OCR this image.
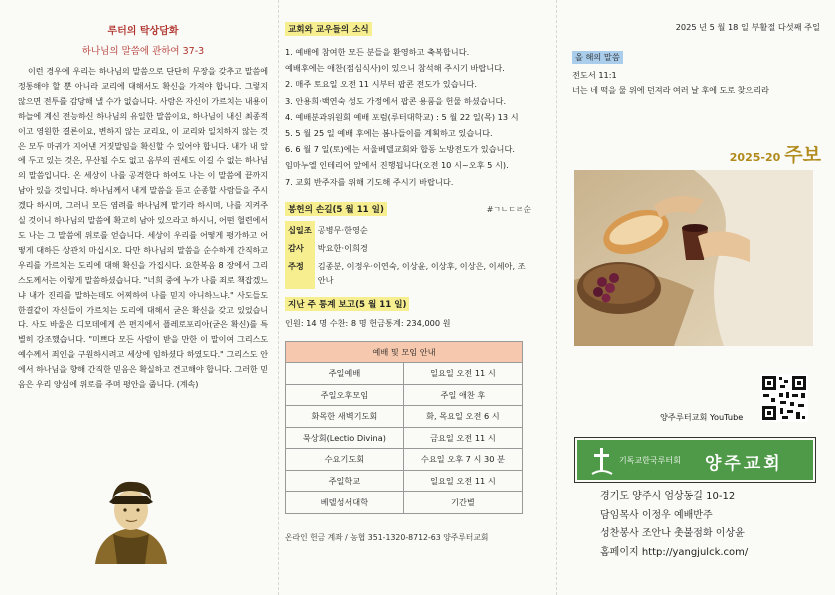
루터의 탁상담화
하나님의 말씀에 관하여 37-3

이런 경우에 우리는 하나님의 말씀으로 단단히 무장을 갖추고 말씀에 정통해야 할 뿐 아니라 교리에 대해서도 확신을 가져야 합니다. 그렇지 않으면 전투를 감당해 낼 수가 없습니다. 사람은 자신이 가르치는 내용이 하늘에 계신 전능하신 하나님의 유일한 말씀이요, 하나님이 내신 최종적이고 영원한 결론이요, 변하지 않는 교리요, 이 교리와 일치하지 않는 것은 모두 마귀가 지어낸 거짓말임을 확신할 수 있어야 합니다. 내가 내 앞에 두고 있는 것은, 무산될 수도 없고 음부의 권세도 이길 수 없는 하나님의 말씀입니다. 온 세상이 나를 공격한다 하여도 나는 이 말씀에 끝까지 남아 있을 것입니다. 하나님께서 내게 말씀을 듣고 순종할 사람들을 주시겠다 하시며, 그러니 모든 염려를 하나님께 맡기라 하시며, 나를 지켜주실 것이니 하나님의 말씀에 확고히 남아 있으라고 하시니, 어떤 혈련에서도 나는 그 말씀에 위로를 얻습니다. 세상이 우리를 어떻게 평가하고 어떻게 대하든 상관치 마십시오. 다만 하나님의 말씀을 순수하게 간직하고 우리를 가르치는 도리에 대해 확신을 가집시다. 요한복음 8 장에서 그리스도께서는 이렇게 말씀하셨습니다. "너희 중에 누가 나를 죄로 책잡겠느냐 내가 진리를 말하는데도 어찌하여 나를 믿지 아니하느냐." 사도들도 한결같이 자신들이 가르치는 도리에 대해서 굳은 확신을 갖고 있었습니다. 사도 바울은 디모데에게 쓴 편지에서 플레로포리아(굳은 확신)를 특별히 강조했습니다. "미쁘다 모든 사람이 받을 만한 이 말이여 그리스도 예수께서 죄인을 구원하시려고 세상에 임하셨다 하였도다." 그리스도 안에서 하나님을 향해 간직한 믿음은 확실하고 견고해야 합니다. 그러한 믿음은 우리 양심에 위로를 주며 평안을 줍니다. (계속)

교회와 교우들의 소식
1. 예배에 참여한 모든 분들을 환영하고 축복합니다.
예배후에는 애찬(점심식사)이 있으니 참석해 주시기 바랍니다.
2. 매주 토요일 오전 11 시부터 팝콘 전도가 있습니다.
3. 안용희·백연숙 성도 가정에서 팝콘 용품을 헌물 하셨습니다.
4. 예배분과위원회 예배 포럼(루터대학교) : 5 월 22 일(목) 13 시
5. 5 월 25 일 예배 후에는 봄나들이를 계획하고 있습니다.
6. 6 월 7 일(토)에는 서울베델교회와 합동 노방전도가 있습니다.
임마누엘 인테리어 앞에서 진행됩니다(오전 10 시~오후 5 시).
7. 교회 반주자를 위해 기도해 주시기 바랍니다.
봉헌의 손길(5 월 11 일)	#ㄱㄴㄷㄹ순
십일조	공병무·한영순
감사	박요한·이희경
주정	김종분, 이정우·이연숙, 이상윤, 이상후, 이상은, 이세아, 조안나
지난 주 통계 보고(5 월 11 일)
인원: 14 명 수찬: 8 명 헌금통계: 234,000 원
예배 및 모임 안내	
주일예배	일요일 오전 11 시
주일오후모임	주일 애찬 후
화목한 새벽기도회	화, 목요일 오전 6 시
묵상회(Lectio Divina)	금요일 오전 11 시
수요기도회	수요일 오후 7 시 30 분
주일학교	일요일 오전 11 시
베델성서대학	기간별
온라인 헌금 계좌 / 농협 351-1320-8712-63 양주루터교회
2025 년 5 월 18 일 부활절 다섯째 주일
올 해의 말씀
전도서 11:1
너는 네 떡을 물 위에 던져라 여러 날 후에 도로 찾으리라
2025-20 주보
양주루터교회 YouTube
기독교한국루터회 양주교회
경기도 양주시 엄상동길 10-12
담임목사 이정우 예배반주
성찬봉사 조안나 촛불점화 이상윤
홈페이지 http://yangjulck.com/
